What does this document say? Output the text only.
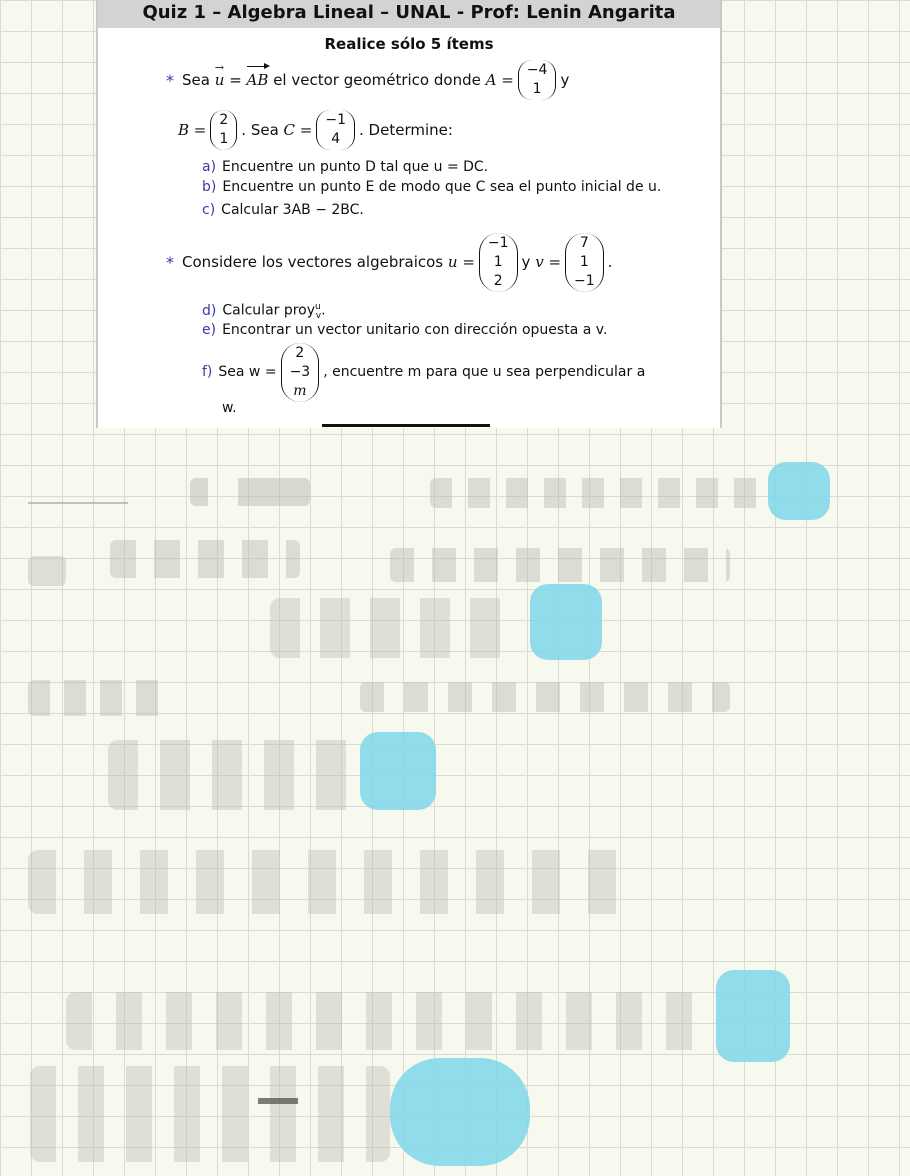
Quiz 1 – Algebra Lineal – UNAL - Prof: Lenin Angarita
Realice sólo 5 ítems
* Sea

→ u
=
AB
el vector geométrico donde
A =
−4
1 y
B =
2
1 . Sea
C =
−1
4 . Determine:
a) Encuentre un punto D tal que u = DC.
b) Encuentre un punto E de modo que C sea el punto inicial de u.
c) Calcular 3AB − 2BC.
* Considere los vectores algebraicos
u =
−1
1
2
y
v =
7
1
−1
.
d) Calcular proy$^u_v$.
e) Encontrar un vector unitario con dirección opuesta a v.
f) Sea w =
2
−3
m
, encuentre m para que u sea perpendicular a
w.
